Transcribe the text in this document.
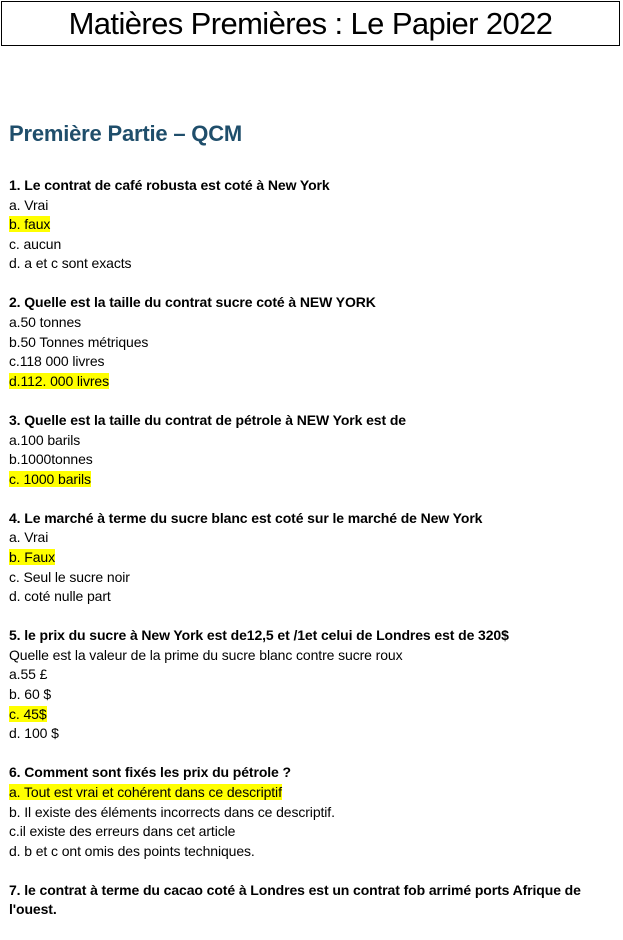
Matières Premières : Le Papier 2022
Première Partie – QCM
1. Le contrat de café robusta est coté à New York
a. Vrai
b. faux
c. aucun
d. a et c sont exacts
2. Quelle est la taille du contrat sucre coté à NEW YORK
a.50 tonnes
b.50 Tonnes métriques
c.118 000 livres
d.112. 000 livres
3. Quelle est la taille du contrat de pétrole à NEW York est de
a.100 barils
b.1000tonnes
c. 1000 barils
4. Le marché à terme du sucre blanc est coté sur le marché de New York
a. Vrai
b. Faux
c. Seul le sucre noir
d. coté nulle part
5. le prix du sucre à New York est de12,5 et /1et celui de Londres est de 320$
Quelle est la valeur de la prime du sucre blanc contre sucre roux
a.55 £
b. 60 $
c. 45$
d. 100 $
6. Comment sont fixés les prix du pétrole ?
a. Tout est vrai et cohérent dans ce descriptif
b. Il existe des éléments incorrects dans ce descriptif.
c.il existe des erreurs dans cet article
d. b et c ont omis des points techniques.
7. le contrat à terme du cacao coté à Londres est un contrat fob arrimé ports Afrique de l'ouest.
